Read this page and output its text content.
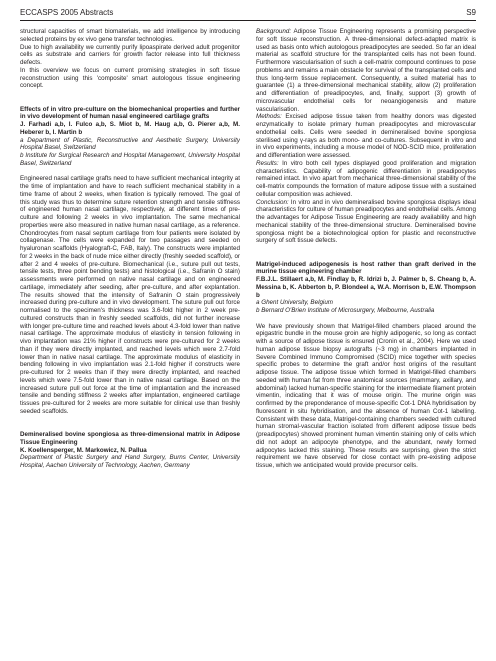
ECCASPS 2005 Abstracts	S9

structural capacities of smart biomaterials, we add intelligence by introducing selected proteins by ex vivo gene transfer technologies.

Due to high availability we currently purify lipoaspirate derived adult progenitor cells as substrate and carriers for growth factor release into full thickness defects.

In this overview we focus on current promising strategies in soft tissue reconstruction using this 'composite' smart autologous tissue engineering concept.

Effects of in vitro pre-culture on the biomechanical properties and further in vivo development of human nasal engineered cartilage grafts

J. Farhadi a,b, I. Fulco a,b, S. Miot b, M. Haug a,b, G. Pierer a,b, M. Heberer b, I. Martin b

a Department of Plastic, Reconstructive and Aesthetic Surgery, University Hospital Basel, Switzerland

b Institute for Surgical Research and Hospital Management, University Hospital Basel, Switzerland

Engineered nasal cartilage grafts need to have sufficient mechanical integrity at the time of implantation and have to reach sufficient mechanical stability in a time frame of about 2 weeks, when fixation is typically removed. The goal of this study was thus to determine suture retention strength and tensile stiffness of engineered human nasal cartilage, respectively, at different times of pre-culture and following 2 weeks in vivo implantation. The same mechanical properties were also measured in native human nasal cartilage, as a reference. Chondrocytes from nasal septum cartilage from four patients were isolated by collagenase. The cells were expanded for two passages and seeded on hyaluronan scaffolds (Hyalograft-C, FAB, Italy). The constructs were implanted for 2 weeks in the back of nude mice either directly (freshly seeded scaffold), or after 2 and 4 weeks of pre-culture. Biomechanical (i.e., suture pull out tests, tensile tests, three point bending tests) and histological (i.e., Safranin O stain) assessments were performed on native nasal cartilage and on engineered cartilage, immediately after seeding, after pre-culture, and after explantation. The results showed that the intensity of Safranin O stain progressively increased during pre-culture and in vivo development. The suture pull out force normalised to the specimen's thickness was 3.6-fold higher in 2 week pre-cultured constructs than in freshly seeded scaffolds, did not further increase with longer pre-culture time and reached levels about 4.3-fold lower than native nasal cartilage. The approximate modulus of elasticity in tension following in vivo implantation was 21% higher if constructs were pre-cultured for 2 weeks than if they were directly implanted, and reached levels which were 2.7-fold lower than in native nasal cartilage. The approximate modulus of elasticity in bending following in vivo implantation was 2.1-fold higher if constructs were pre-cultured for 2 weeks than if they were directly implanted, and reached levels which were 7.5-fold lower than in native nasal cartilage. Based on the increased suture pull out force at the time of implantation and the increased tensile and bending stiffness 2 weeks after implantation, engineered cartilage tissues pre-cultured for 2 weeks are more suitable for clinical use than freshly seeded scaffolds.

Demineralised bovine spongiosa as three-dimensional matrix in Adipose Tissue Engineering

K. Koellensperger, M. Markowicz, N. Pallua

Department of Plastic Surgery and Hand Surgery, Burns Center, University Hospital, Aachen University of Technology, Aachen, Germany

Background: Adipose Tissue Engineering represents a promising perspective for soft tissue reconstruction. A three-dimensional defect-adapted matrix is used as basis onto which autologous preadipocytes are seeded. So far an ideal material as scaffold structure for the transplanted cells has not been found. Furthermore vascularisation of such a cell-matrix compound continues to pose problems and remains a main obstacle for survival of the transplanted cells and thus long-term tissue replacement. Consequently, a suited material has to guarantee (1) a three-dimensional mechanical stability, allow (2) proliferation and differentiation of preadipocytes, and, finally, support (3) growth of microvascular endothelial cells for neoangiogenesis and mature vascularisation.

Methods: Excised adipose tissue taken from healthy donors was digested enzymatically to isolate primary human preadipocytes and microvascular endothelial cells. Cells were seeded in demineralised bovine spongiosa sterilised using γ-rays as both mono- and co-cultures. Subsequent in vitro and in vivo experiments, including a mouse model of NOD-SCID mice, proliferation and differentiation were assessed.

Results: In vitro both cell types displayed good proliferation and migration characteristics. Capability of adipogenic differentiation in preadipocytes remained intact. In vivo apart from mechanical three-dimensional stability of the cell-matrix compounds the formation of mature adipose tissue with a sustained cellular composition was achieved.

Conclusion: In vitro and in vivo demineralised bovine spongiosa displays ideal characteristics for culture of human preadipocytes and endothelial cells. Among the advantages for Adipose Tissue Engineering are ready availability and high mechanical stability of the three-dimensional structure. Demineralised bovine spongiosa might be a biotechnological option for plastic and reconstructive surgery of soft tissue defects.

Matrigel-induced adipogenesis is host rather than graft derived in the murine tissue engineering chamber

F.B.J.L. Stillaert a,b, M. Findlay b, R. Idrizi b, J. Palmer b, S. Cheang b, A. Messina b, K. Abberton b, P. Blondeel a, W.A. Morrison b, E.W. Thompson b

a Ghent University, Belgium

b Bernard O'Brien Institute of Microsurgery, Melbourne, Australia

We have previously shown that Matrigel-filled chambers placed around the epigastric bundle in the mouse groin are highly adipogenic, so long as contact with a source of adipose tissue is ensured (Cronin et al., 2004). Here we used human adipose tissue biopsy autografts (~3 mg) in chambers implanted in Severe Combined Immuno Compromised (SCID) mice together with species specific probes to determine the graft and/or host origins of the resultant adipose tissue. The adipose tissue which formed in Matrigel-filled chambers seeded with human fat from three anatomical sources (mammary, axillary, and abdominal) lacked human-specific staining for the intermediate filament protein vimentin, indicating that it was of mouse origin. The murine origin was confirmed by the preponderance of mouse-specific Cot-1 DNA hybridisation by fluorescent in situ hybridisation, and the absence of human Cot-1 labelling. Consistent with these data, Matrigel-containing chambers seeded with cultured human stromal-vascular fraction isolated from different adipose tissue beds (preadipocytes) showed prominent human vimentin staining only of cells which did not adopt an adipocyte phenotype, and the abundant, newly formed adipocytes lacked this staining. These results are surprising, given the strict requirement we have observed for close contact with pre-existing adipose tissue, which we anticipated would provide precursor cells.
